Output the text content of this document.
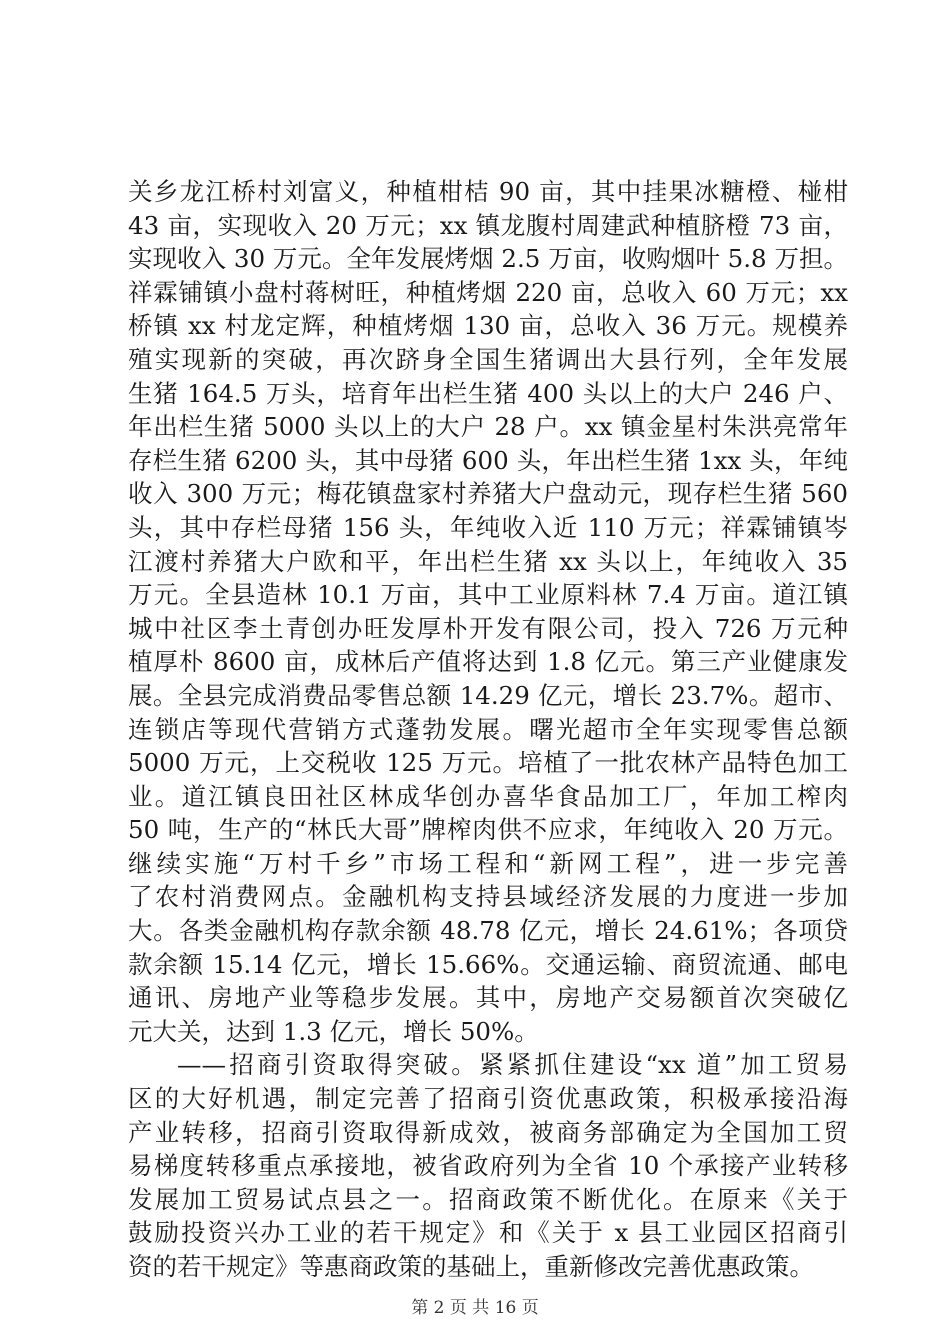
关乡龙江桥村刘富义，种植柑桔 90 亩，其中挂果冰糖橙、椪柑
43 亩，实现收入 20 万元；xx 镇龙腹村周建武种植脐橙 73 亩，
实现收入 30 万元。全年发展烤烟 2.5 万亩，收购烟叶 5.8 万担。
祥霖铺镇小盘村蒋树旺，种植烤烟 220 亩，总收入 60 万元；xx
桥镇 xx 村龙定辉，种植烤烟 130 亩，总收入 36 万元。规模养
殖实现新的突破，再次跻身全国生猪调出大县行列，全年发展
生猪 164.5 万头，培育年出栏生猪 400 头以上的大户 246 户、
年出栏生猪 5000 头以上的大户 28 户。xx 镇金星村朱洪亮常年
存栏生猪 6200 头，其中母猪 600 头，年出栏生猪 1xx 头，年纯
收入 300 万元；梅花镇盘家村养猪大户盘动元，现存栏生猪 560
头，其中存栏母猪 156 头，年纯收入近 110 万元；祥霖铺镇岑
江渡村养猪大户欧和平，年出栏生猪 xx 头以上，年纯收入 35
万元。全县造林 10.1 万亩，其中工业原料林 7.4 万亩。道江镇
城中社区李土青创办旺发厚朴开发有限公司，投入 726 万元种
植厚朴 8600 亩，成林后产值将达到 1.8 亿元。第三产业健康发
展。全县完成消费品零售总额 14.29 亿元，增长 23.7%。超市、
连锁店等现代营销方式蓬勃发展。曙光超市全年实现零售总额
5000 万元，上交税收 125 万元。培植了一批农林产品特色加工
业。道江镇良田社区林成华创办喜华食品加工厂，年加工榨肉
50 吨，生产的“林氏大哥”牌榨肉供不应求，年纯收入 20 万元。
继续实施“万村千乡”市场工程和“新网工程”，进一步完善
了农村消费网点。金融机构支持县域经济发展的力度进一步加
大。各类金融机构存款余额 48.78 亿元，增长 24.61%；各项贷
款余额 15.14 亿元，增长 15.66%。交通运输、商贸流通、邮电
通讯、房地产业等稳步发展。其中，房地产交易额首次突破亿
元大关，达到 1.3 亿元，增长 50%。
——招商引资取得突破。紧紧抓住建设“xx 道”加工贸易
区的大好机遇，制定完善了招商引资优惠政策，积极承接沿海
产业转移，招商引资取得新成效，被商务部确定为全国加工贸
易梯度转移重点承接地，被省政府列为全省 10 个承接产业转移
发展加工贸易试点县之一。招商政策不断优化。在原来《关于
鼓励投资兴办工业的若干规定》和《关于 x 县工业园区招商引
资的若干规定》等惠商政策的基础上，重新修改完善优惠政策。
第 2 页 共 16 页
